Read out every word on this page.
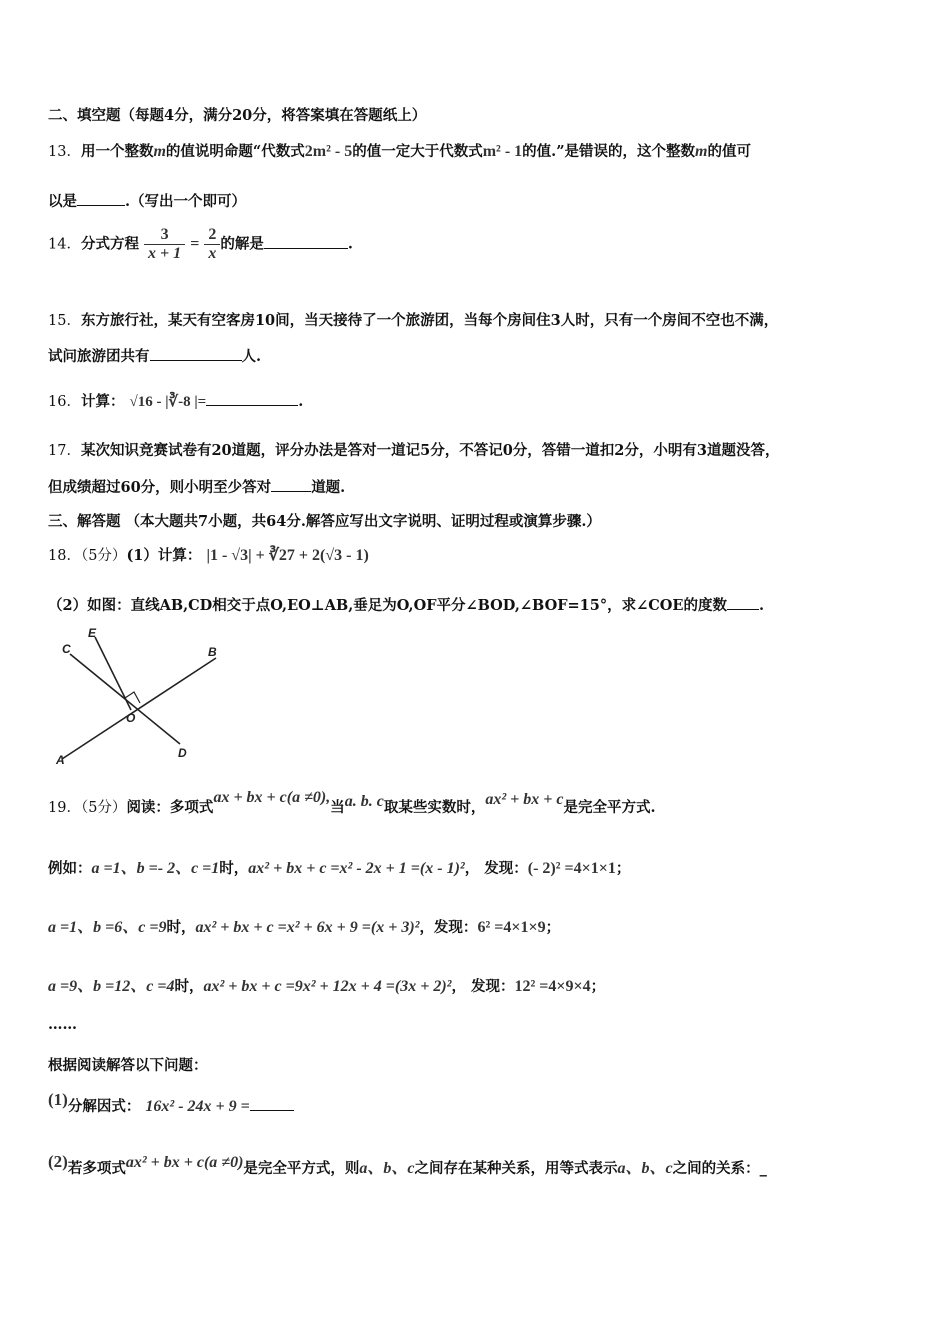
二、填空题（每题4分，满分20分，将答案填在答题纸上）
13．用一个整数m的值说明命题“代数式2m² - 5的值一定大于代数式m² - 1的值.”是错误的，这个整数m的值可
以是	.（写出一个即可）
14．分式方程 $\frac{3}{x + 1} = \frac{2}{x}$ 的解是	.
15．东方旅行社，某天有空客房10间，当天接待了一个旅游团，当每个房间住3人时，只有一个房间不空也不满，
试问旅游团共有	人.
16．计算： √16 - |∛-8 |=	.
17．某次知识竞赛试卷有20道题，评分办法是答对一道记5分，不答记0分，答错一道扣2分，小明有3道题没答，
但成绩超过60分，则小明至少答对	道题.
三、解答题 （本大题共7小题，共64分.解答应写出文字说明、证明过程或演算步骤.）
18．（5分）(1）计算： |1 - √3| + ∛27 + 2(√3 - 1)
（2）如图：直线AB,CD相交于点O,EO⊥AB,垂足为O,OF平分∠BOD,∠BOF=15°，求∠COE的度数 .
C
E
B
O
A	D
19．（5分）阅读：多项式ax + bx + c(a ≠0),当a. b. c取某些实数时，ax² + bx + c是完全平方式.
例如：a =1、b =- 2、c =1时，ax² + bx + c =x² - 2x + 1 =(x - 1)²， 发现：(- 2)² =4×1×1；
a =1、b =6、c =9时，ax² + bx + c =x² + 6x + 9 =(x + 3)²，发现：6² =4×1×9；
a =9、b =12、c =4时，ax² + bx + c =9x² + 12x + 4 =(3x + 2)²， 发现：12² =4×9×4；
……
根据阅读解答以下问题：
(1)分解因式： 16x² - 24x + 9 =
(2)若多项式ax² + bx + c(a ≠0)是完全平方式，则a、b、c之间存在某种关系，用等式表示a、b、c之间的关系：_
